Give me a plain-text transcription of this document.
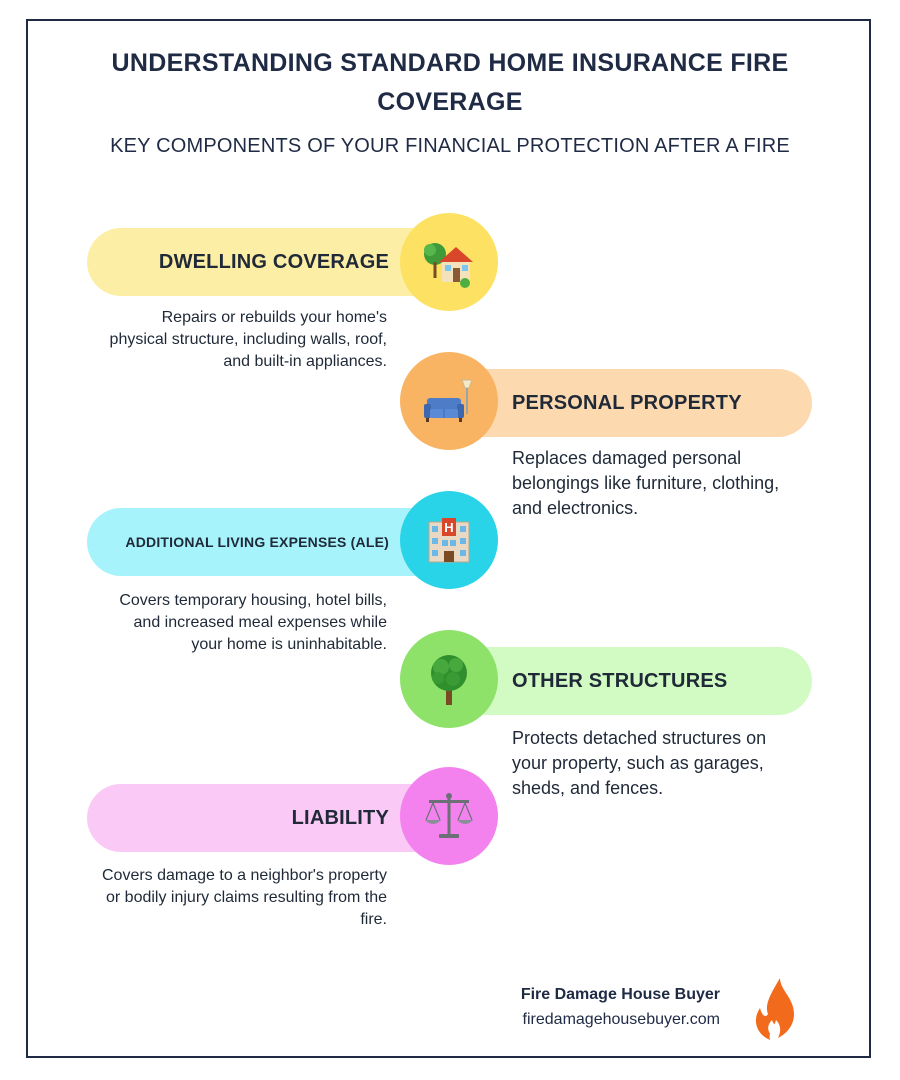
UNDERSTANDING STANDARD HOME INSURANCE FIRE COVERAGE

KEY COMPONENTS OF YOUR FINANCIAL PROTECTION AFTER A FIRE

DWELLING COVERAGE

Repairs or rebuilds your home's physical structure, including walls, roof, and built-in appliances.

PERSONAL PROPERTY

Replaces damaged personal belongings like furniture, clothing, and electronics.

ADDITIONAL LIVING EXPENSES (ALE)
H

Covers temporary housing, hotel bills, and increased meal expenses while your home is uninhabitable.

OTHER STRUCTURES

Protects detached structures on your property, such as garages, sheds, and fences.

LIABILITY

Covers damage to a neighbor's property or bodily injury claims resulting from the fire.

Fire Damage House Buyer
firedamagehousebuyer.com
